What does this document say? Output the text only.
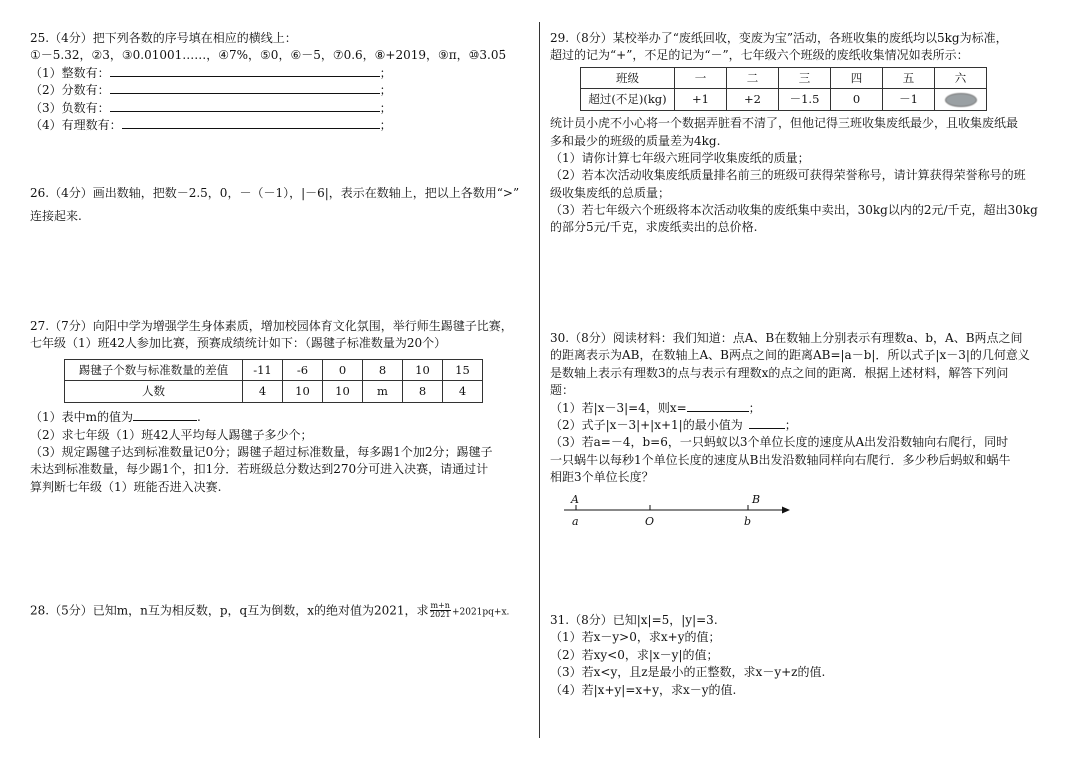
25.（4分）把下列各数的序号填在相应的横线上：
①－5.32，②3，③0.01001……，④7%，⑤0，⑥－5，⑦0.6，⑧+2019，⑨π，⑩3.05̇
（1）整数有：	；
（2）分数有：	；
（3）负数有：	；
（4）有理数有：	；
26.（4分）画出数轴，把数－2.5，0，－（－1），|－6|，表示在数轴上，把以上各数用“>”
连接起来.
27.（7分）向阳中学为增强学生身体素质，增加校园体育文化氛围，举行师生踢毽子比赛，
七年级（1）班42人参加比赛，预赛成绩统计如下：（踢毽子标准数量为20个）
踢毽子个数与标准数量的差值	-11	-6	0	8	10	15
人数	4	10	10	m	8	4
（1）表中m的值为	.
（2）求七年级（1）班42人平均每人踢毽子多少个；
（3）规定踢毽子达到标准数量记0分；踢毽子超过标准数量，每多踢1个加2分；踢毽子
未达到标准数量，每少踢1个，扣1分．若班级总分数达到270分可进入决赛，请通过计
算判断七年级（1）班能否进入决赛.
28.（5分）已知m，n互为相反数，p，q互为倒数，x的绝对值为2021，求 $\frac{m+n}{2021} +2021pq+x$.
29.（8分）某校举办了“废纸回收，变废为宝”活动，各班收集的废纸均以5kg为标准，
超过的记为“+”，不足的记为“－”，七年级六个班级的废纸收集情况如表所示：
班级	一	二	三	四	五	六
超过(不足)(kg)	+1	+2	－1.5	0	－1	
统计员小虎不小心将一个数据弄脏看不清了，但他记得三班收集废纸最少，且收集废纸最
多和最少的班级的质量差为4kg.
（1）请你计算七年级六班同学收集废纸的质量；
（2）若本次活动收集废纸质量排名前三的班级可获得荣誉称号，请计算获得荣誉称号的班
级收集废纸的总质量；
（3）若七年级六个班级将本次活动收集的废纸集中卖出，30kg以内的2元/千克，超出30kg
的部分5元/千克，求废纸卖出的总价格.
30.（8分）阅读材料：我们知道：点A、B在数轴上分别表示有理数a、b，A、B两点之间
的距离表示为AB，在数轴上A、B两点之间的距离AB=|a－b|．所以式子|x－3|的几何意义
是数轴上表示有理数3的点与表示有理数x的点之间的距离．根据上述材料，解答下列问
题：
（1）若|x－3|=4，则x=	；
（2）式子|x－3|+|x+1|的最小值为	；
（3）若a=－4，b=6，一只蚂蚁以3个单位长度的速度从A出发沿数轴向右爬行，同时
一只蜗牛以每秒1个单位长度的速度从B出发沿数轴同样向右爬行．多少秒后蚂蚁和蜗牛
相距3个单位长度？
A	B
a	O	b
31.（8分）已知|x|=5，|y|=3.
（1）若x－y>0，求x+y的值；
（2）若xy<0，求|x－y|的值；
（3）若x<y，且z是最小的正整数，求x－y+z的值.
（4）若|x+y|=x+y，求x－y的值.
